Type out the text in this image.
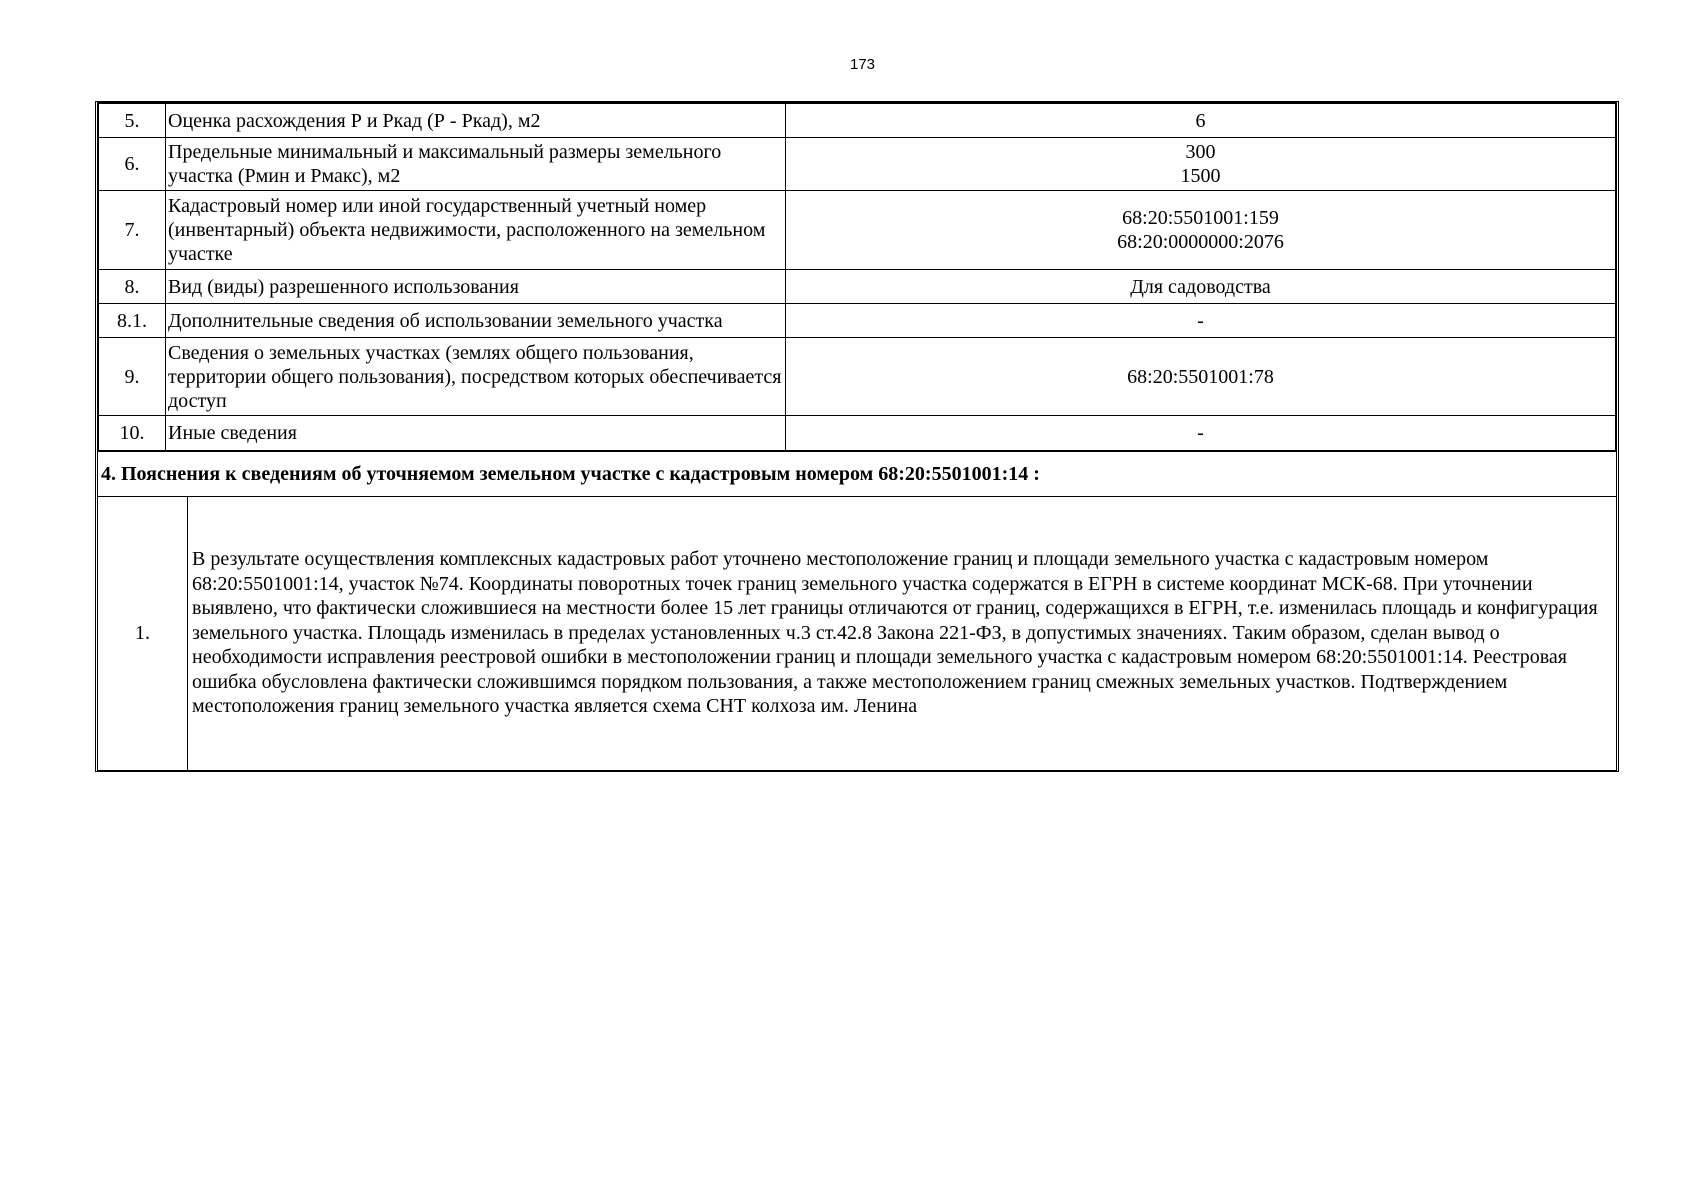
173
5.	Оценка расхождения Р и Ркад (Р - Ркад), м2	6

6.	Предельные минимальный и максимальный размеры земельного участка (Рмин и Рмакс), м2	300
1500

7.	Кадастровый номер или иной государственный учетный номер (инвентарный) объекта недвижимости, расположенного на земельном участке	68:20:5501001:159
68:20:0000000:2076

8.	Вид (виды) разрешенного использования	Для садоводства

8.1.	Дополнительные сведения об использовании земельного участка	-

9.	Сведения о земельных участках (землях общего пользования, территории общего пользования), посредством которых обеспечивается доступ	68:20:5501001:78

10.	Иные сведения	-
4. Пояснения к сведениям об уточняемом земельном участке с кадастровым номером 68:20:5501001:14 :
1.
В результате осуществления комплексных кадастровых работ уточнено местоположение границ и площади земельного участка с кадастровым номером 68:20:5501001:14, участок №74. Координаты поворотных точек границ земельного участка содержатся в ЕГРН в системе координат МСК-68. При уточнении выявлено, что фактически сложившиеся на местности более 15 лет границы отличаются от границ, содержащихся в ЕГРН, т.е. изменилась площадь и конфигурация земельного участка. Площадь изменилась в пределах установленных ч.3 ст.42.8 Закона 221-ФЗ, в допустимых значениях. Таким образом, сделан вывод о необходимости исправления реестровой ошибки в местоположении границ и площади земельного участка с кадастровым номером 68:20:5501001:14. Реестровая ошибка обусловлена фактически сложившимся порядком пользования, а также местоположением границ смежных земельных участков. Подтверждением местоположения границ земельного участка является схема СНТ колхоза им. Ленина
